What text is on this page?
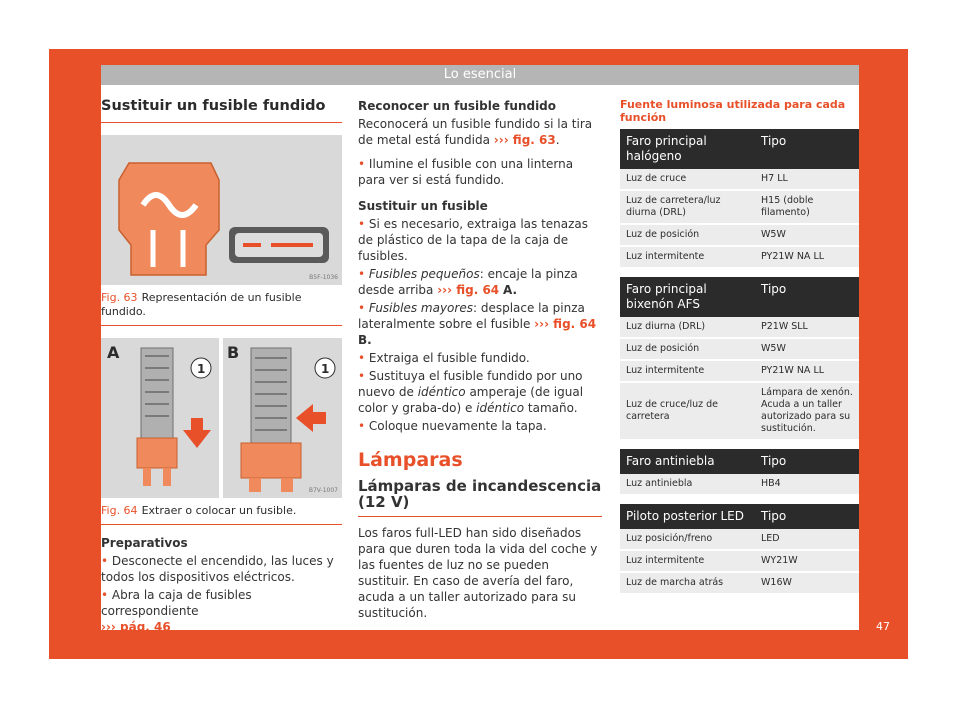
Lo esencial
Sustituir un fusible fundido
B5F-1036
Fig. 63 Representación de un fusible fundido.
A	B
1	1
B7V-1007
Fig. 64 Extraer o colocar un fusible.
Preparativos

• Desconecte el encendido, las luces y todos los dispositivos eléctricos.

• Abra la caja de fusibles correspondiente
››› pág. 46

Reconocer un fusible fundido

Reconocerá un fusible fundido si la tira de metal está fundida ››› fig. 63.

• Ilumine el fusible con una linterna para ver si está fundido.

Sustituir un fusible

• Si es necesario, extraiga las tenazas de plástico de la tapa de la caja de fusibles.

• Fusibles pequeños: encaje la pinza desde arriba ››› fig. 64 A.

• Fusibles mayores: desplace la pinza lateralmente sobre el fusible ››› fig. 64 B.

• Extraiga el fusible fundido.

• Sustituya el fusible fundido por uno nuevo de idéntico amperaje (de igual color y graba-do) e idéntico tamaño.

• Coloque nuevamente la tapa.

Lámparas
Lámparas de incandescencia (12 V)

Los faros full-LED han sido diseñados para que duren toda la vida del coche y las fuentes de luz no se pueden sustituir. En caso de avería del faro, acuda a un taller autorizado para su sustitución.

Fuente luminosa utilizada para cada función
Faro principal halógeno	Tipo
Luz de cruce	H7 LL
Luz de carretera/luz diurna (DRL)	H15 (doble filamento)
Luz de posición	W5W
Luz intermitente	PY21W NA LL
Faro principal bixenón AFS	Tipo
Luz diurna (DRL)	P21W SLL
Luz de posición	W5W
Luz intermitente	PY21W NA LL
Luz de cruce/luz de carretera	Lámpara de xenón. Acuda a un taller autorizado para su sustitución.
Faro antiniebla	Tipo
Luz antiniebla	HB4
Piloto posterior LED	Tipo
Luz posición/freno	LED
Luz intermitente	WY21W
Luz de marcha atrás	W16W
47
